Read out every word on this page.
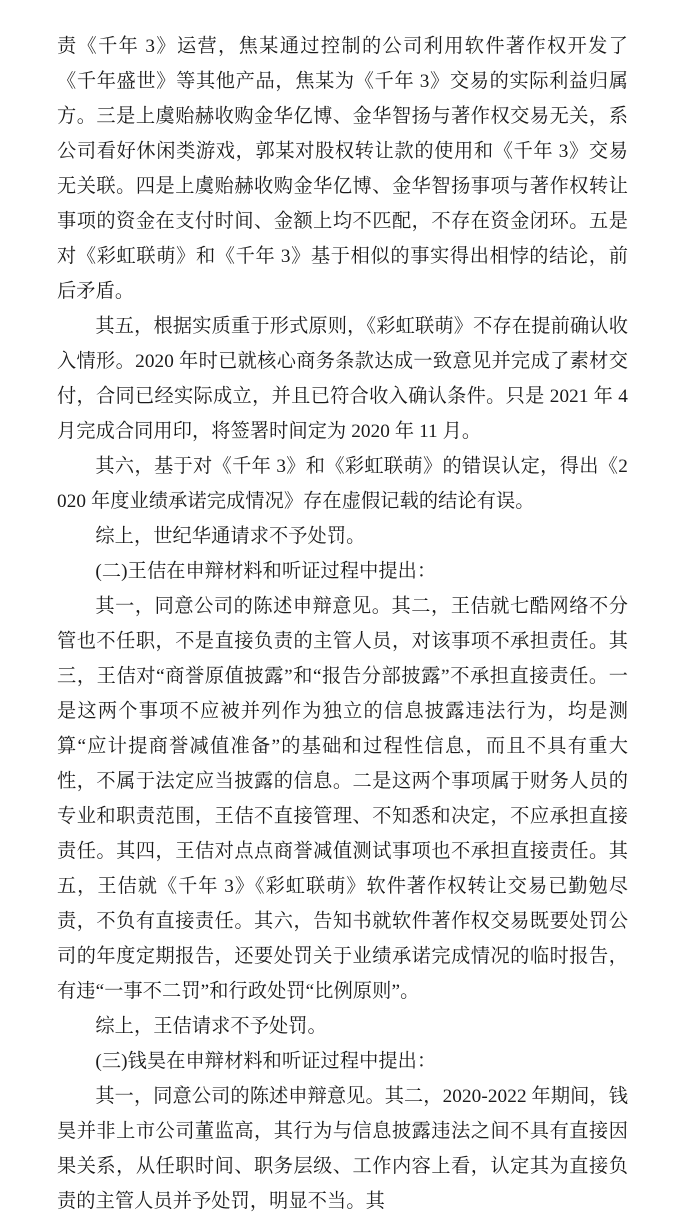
责《千年 3》运营，焦某通过控制的公司利用软件著作权开发了《千年盛世》等其他产品，焦某为《千年 3》交易的实际利益归属方。三是上虞贻赫收购金华亿博、金华智扬与著作权交易无关，系公司看好休闲类游戏，郭某对股权转让款的使用和《千年 3》交易无关联。四是上虞贻赫收购金华亿博、金华智扬事项与著作权转让事项的资金在支付时间、金额上均不匹配，不存在资金闭环。五是对《彩虹联萌》和《千年 3》基于相似的事实得出相悖的结论，前后矛盾。

其五，根据实质重于形式原则，《彩虹联萌》不存在提前确认收入情形。2020 年时已就核心商务条款达成一致意见并完成了素材交付，合同已经实际成立，并且已符合收入确认条件。只是 2021 年 4 月完成合同用印，将签署时间定为 2020 年 11 月。

其六，基于对《千年 3》和《彩虹联萌》的错误认定，得出《2020 年度业绩承诺完成情况》存在虚假记载的结论有误。

综上，世纪华通请求不予处罚。

(二)王佶在申辩材料和听证过程中提出：

其一，同意公司的陈述申辩意见。其二，王佶就七酷网络不分管也不任职，不是直接负责的主管人员，对该事项不承担责任。其三，王佶对“商誉原值披露”和“报告分部披露”不承担直接责任。一是这两个事项不应被并列作为独立的信息披露违法行为，均是测算“应计提商誉减值准备”的基础和过程性信息，而且不具有重大性，不属于法定应当披露的信息。二是这两个事项属于财务人员的专业和职责范围，王佶不直接管理、不知悉和决定，不应承担直接责任。其四，王佶对点点商誉减值测试事项也不承担直接责任。其五，王佶就《千年 3》《彩虹联萌》软件著作权转让交易已勤勉尽责，不负有直接责任。其六，告知书就软件著作权交易既要处罚公司的年度定期报告，还要处罚关于业绩承诺完成情况的临时报告，有违“一事不二罚”和行政处罚“比例原则”。

综上，王佶请求不予处罚。

(三)钱昊在申辩材料和听证过程中提出：

其一，同意公司的陈述申辩意见。其二，2020-2022 年期间，钱昊并非上市公司董监高，其行为与信息披露违法之间不具有直接因果关系，从任职时间、职务层级、工作内容上看，认定其为直接负责的主管人员并予处罚，明显不当。其
